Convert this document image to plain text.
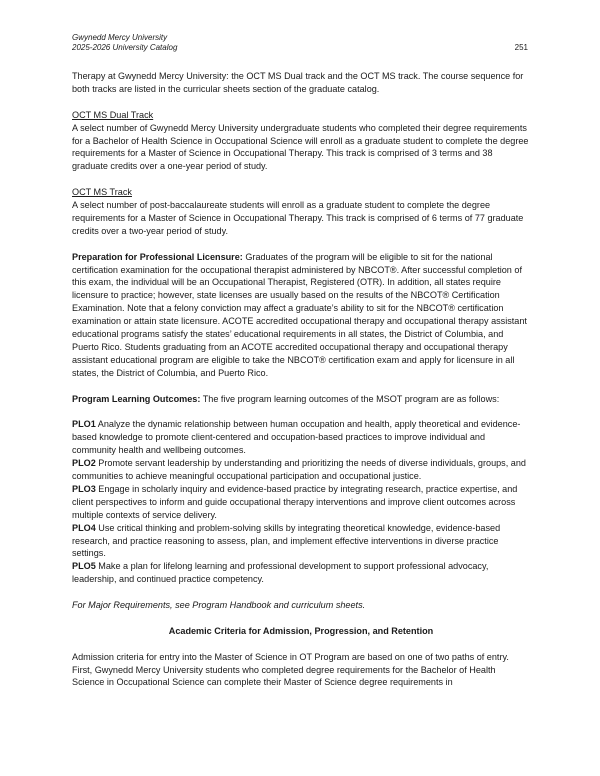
Gwynedd Mercy University
2025-2026 University Catalog	251

Therapy at Gwynedd Mercy University: the OCT MS Dual track and the OCT MS track. The course sequence for both tracks are listed in the curricular sheets section of the graduate catalog.

OCT MS Dual Track

A select number of Gwynedd Mercy University undergraduate students who completed their degree requirements for a Bachelor of Health Science in Occupational Science will enroll as a graduate student to complete the degree requirements for a Master of Science in Occupational Therapy. This track is comprised of 3 terms and 38 graduate credits over a one-year period of study.

OCT MS Track

A select number of post-baccalaureate students will enroll as a graduate student to complete the degree requirements for a Master of Science in Occupational Therapy. This track is comprised of 6 terms of 77 graduate credits over a two-year period of study.

Preparation for Professional Licensure: Graduates of the program will be eligible to sit for the national certification examination for the occupational therapist administered by NBCOT®. After successful completion of this exam, the individual will be an Occupational Therapist, Registered (OTR). In addition, all states require licensure to practice; however, state licenses are usually based on the results of the NBCOT® Certification Examination. Note that a felony conviction may affect a graduate’s ability to sit for the NBCOT® certification examination or attain state licensure. ACOTE accredited occupational therapy and occupational therapy assistant educational programs satisfy the states’ educational requirements in all states, the District of Columbia, and Puerto Rico. Students graduating from an ACOTE accredited occupational therapy and occupational therapy assistant educational program are eligible to take the NBCOT® certification exam and apply for licensure in all states, the District of Columbia, and Puerto Rico.

Program Learning Outcomes: The five program learning outcomes of the MSOT program are as follows:

PLO1 Analyze the dynamic relationship between human occupation and health, apply theoretical and evidence-based knowledge to promote client-centered and occupation-based practices to improve individual and community health and wellbeing outcomes.
PLO2 Promote servant leadership by understanding and prioritizing the needs of diverse individuals, groups, and communities to achieve meaningful occupational participation and occupational justice.
PLO3 Engage in scholarly inquiry and evidence-based practice by integrating research, practice expertise, and client perspectives to inform and guide occupational therapy interventions and improve client outcomes across multiple contexts of service delivery.
PLO4 Use critical thinking and problem-solving skills by integrating theoretical knowledge, evidence-based research, and practice reasoning to assess, plan, and implement effective interventions in diverse practice settings.
PLO5 Make a plan for lifelong learning and professional development to support professional advocacy, leadership, and continued practice competency.

For Major Requirements, see Program Handbook and curriculum sheets.

Academic Criteria for Admission, Progression, and Retention

Admission criteria for entry into the Master of Science in OT Program are based on one of two paths of entry. First, Gwynedd Mercy University students who completed degree requirements for the Bachelor of Health Science in Occupational Science can complete their Master of Science degree requirements in
